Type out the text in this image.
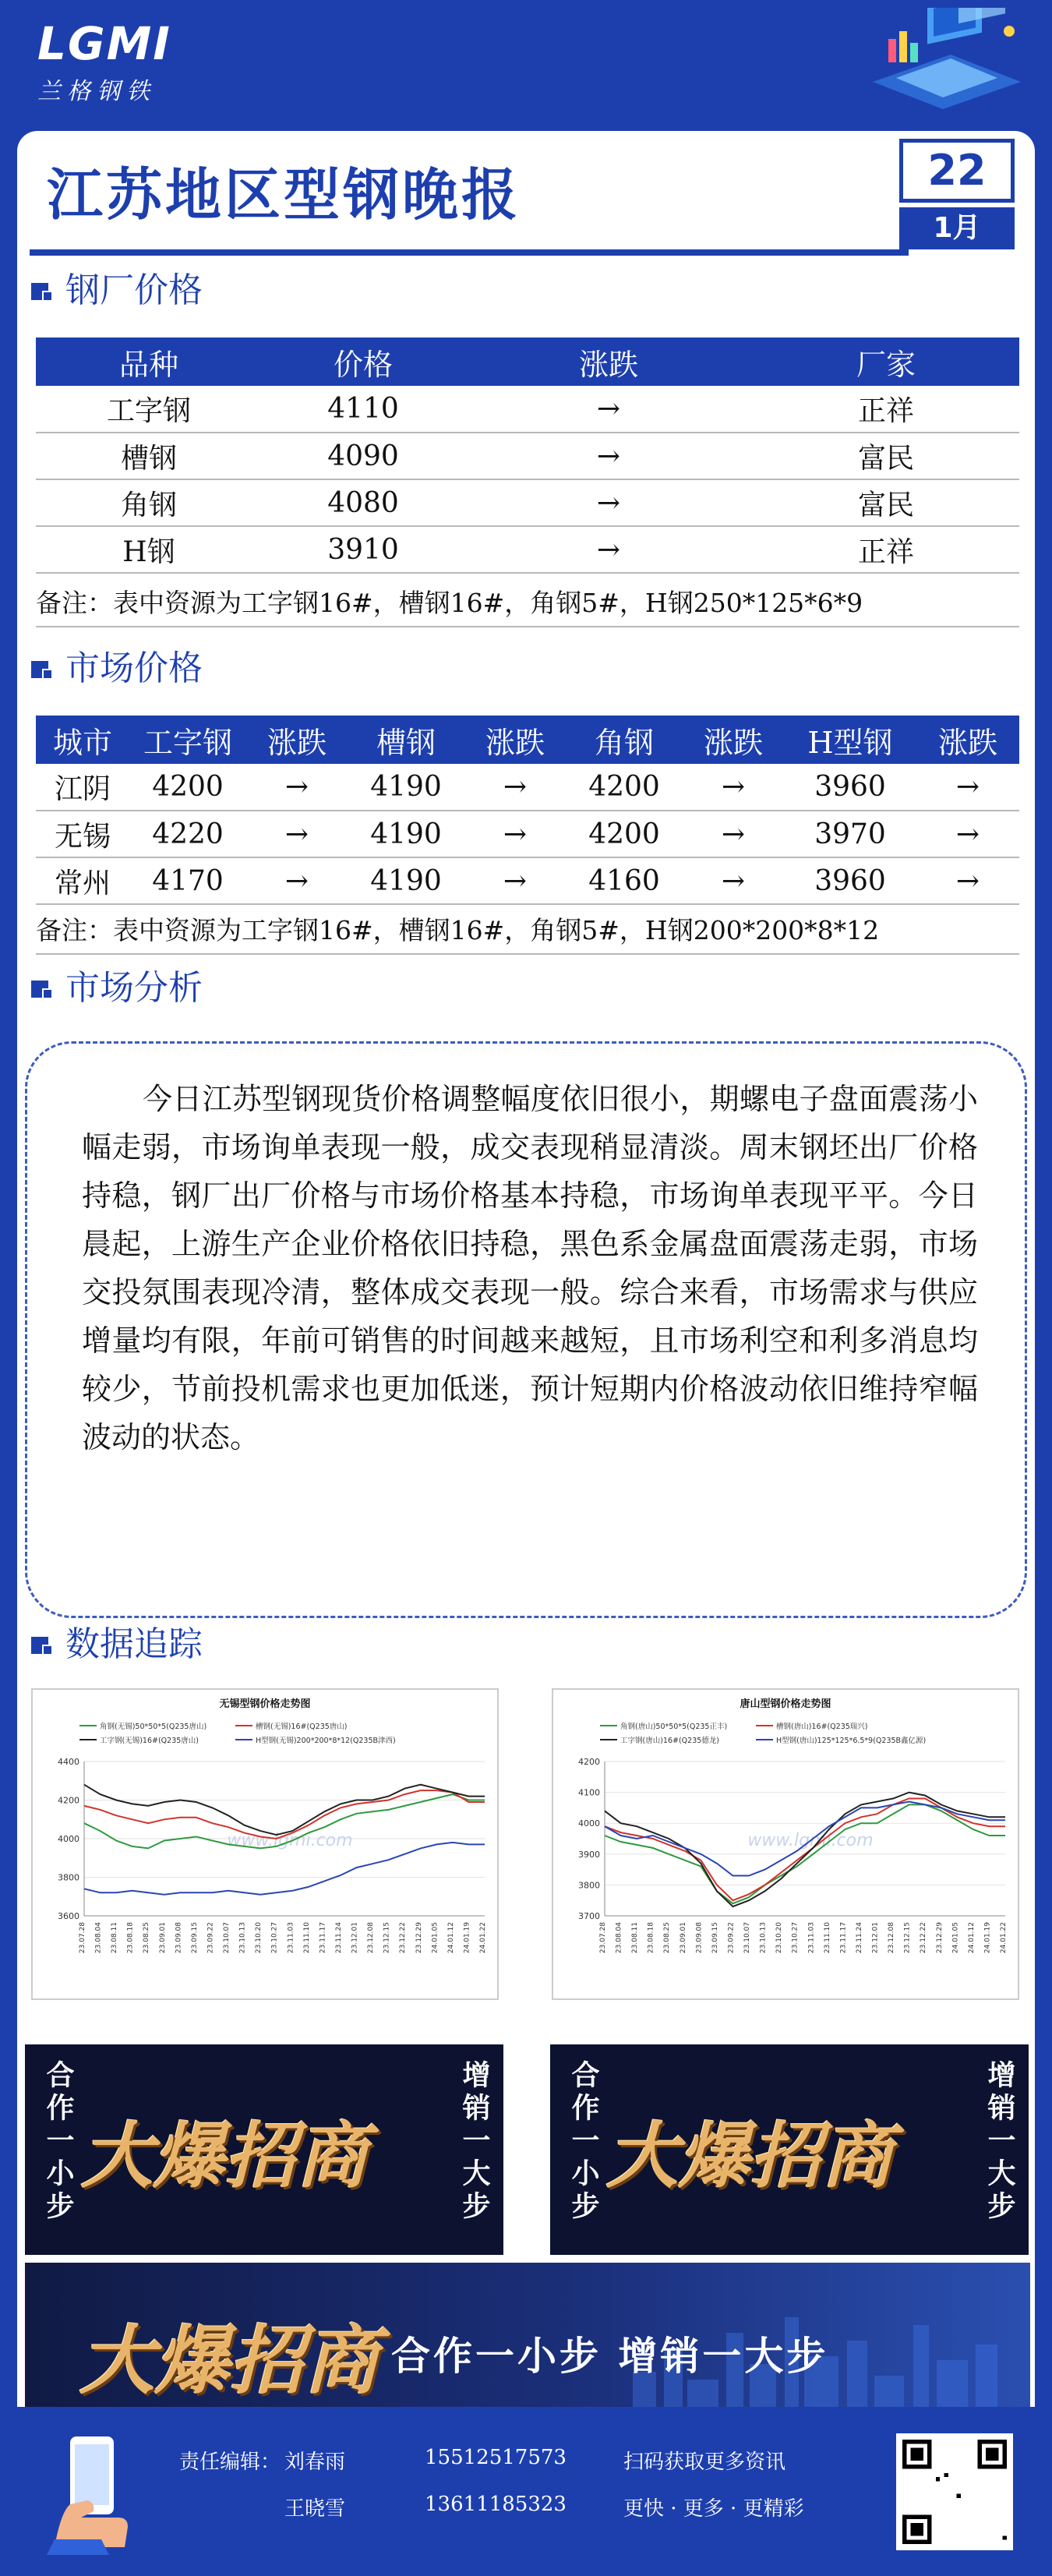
LGMI
兰格钢铁
江苏地区型钢晚报	22
1月
钢厂价格
品种	价格	涨跌	厂家
工字钢	4110	→	正祥
槽钢	4090	→	富民
角钢	4080	→	富民
H钢	3910	→	正祥
备注：表中资源为工字钢16#，槽钢16#，角钢5#，H钢250*125*6*9
市场价格
城市	工字钢	涨跌	槽钢	涨跌	角钢	涨跌	H型钢	涨跌
江阴	4200	→	4190	→	4200	→	3960	→
无锡	4220	→	4190	→	4200	→	3970	→
常州	4170	→	4190	→	4160	→	3960	→
备注：表中资源为工字钢16#，槽钢16#，角钢5#，H钢200*200*8*12
市场分析

今日江苏型钢现货价格调整幅度依旧很小，期螺电子盘面震荡小幅走弱，市场询单表现一般，成交表现稍显清淡。周末钢坯出厂价格持稳，钢厂出厂价格与市场价格基本持稳，市场询单表现平平。今日晨起，上游生产企业价格依旧持稳，黑色系金属盘面震荡走弱，市场交投氛围表现冷清，整体成交表现一般。综合来看，市场需求与供应增量均有限，年前可销售的时间越来越短，且市场利空和利多消息均较少，节前投机需求也更加低迷，预计短期内价格波动依旧维持窄幅波动的状态。

数据追踪
无锡型钢价格走势图
角钢(无锡)50*50*5(Q235唐山)	槽钢(无锡)16#(Q235唐山)
工字钢(无锡)16#(Q235唐山)	H型钢(无锡)200*200*8*12(Q235B津西)
3600
3800
4000
4200
4400
23.07.28 23.08.04 23.08.11 23.08.18 23.08.25 23.09.01 23.09.08 23.09.15 23.09.22 23.10.07 23.10.13 23.10.20 23.10.27 23.11.03 23.11.10 23.11.17 23.11.24 23.12.01 23.12.08 23.12.15 23.12.22 23.12.29 24.01.05 24.01.12 24.01.19 24.01.22
www.lgmi.com
唐山型钢价格走势图
角钢(唐山)50*50*5(Q235正丰)	槽钢(唐山)16#(Q235瑞兴)
工字钢(唐山)16#(Q235德龙)	H型钢(唐山)125*125*6.5*9(Q235B鑫亿源)
3700
3800
3900
4000
4100
4200
23.07.28 23.08.04 23.08.11 23.08.18 23.08.25 23.09.01 23.09.08 23.09.15 23.09.22 23.10.07 23.10.13 23.10.20 23.10.27 23.11.03 23.11.10 23.11.17 23.11.24 23.12.01 23.12.08 23.12.15 23.12.22 23.12.29 24.01.05 24.01.12 24.01.19 24.01.22
www.lgmi.com
合作一小步 大爆招商	增销一大步	合作一小步 大爆招商	增销一大步
大爆招商 合作一小步 增销一大步
责任编辑： 刘春雨	15512517573
王晓雪	13611185323
扫码获取更多资讯
更快 · 更多 · 更精彩
